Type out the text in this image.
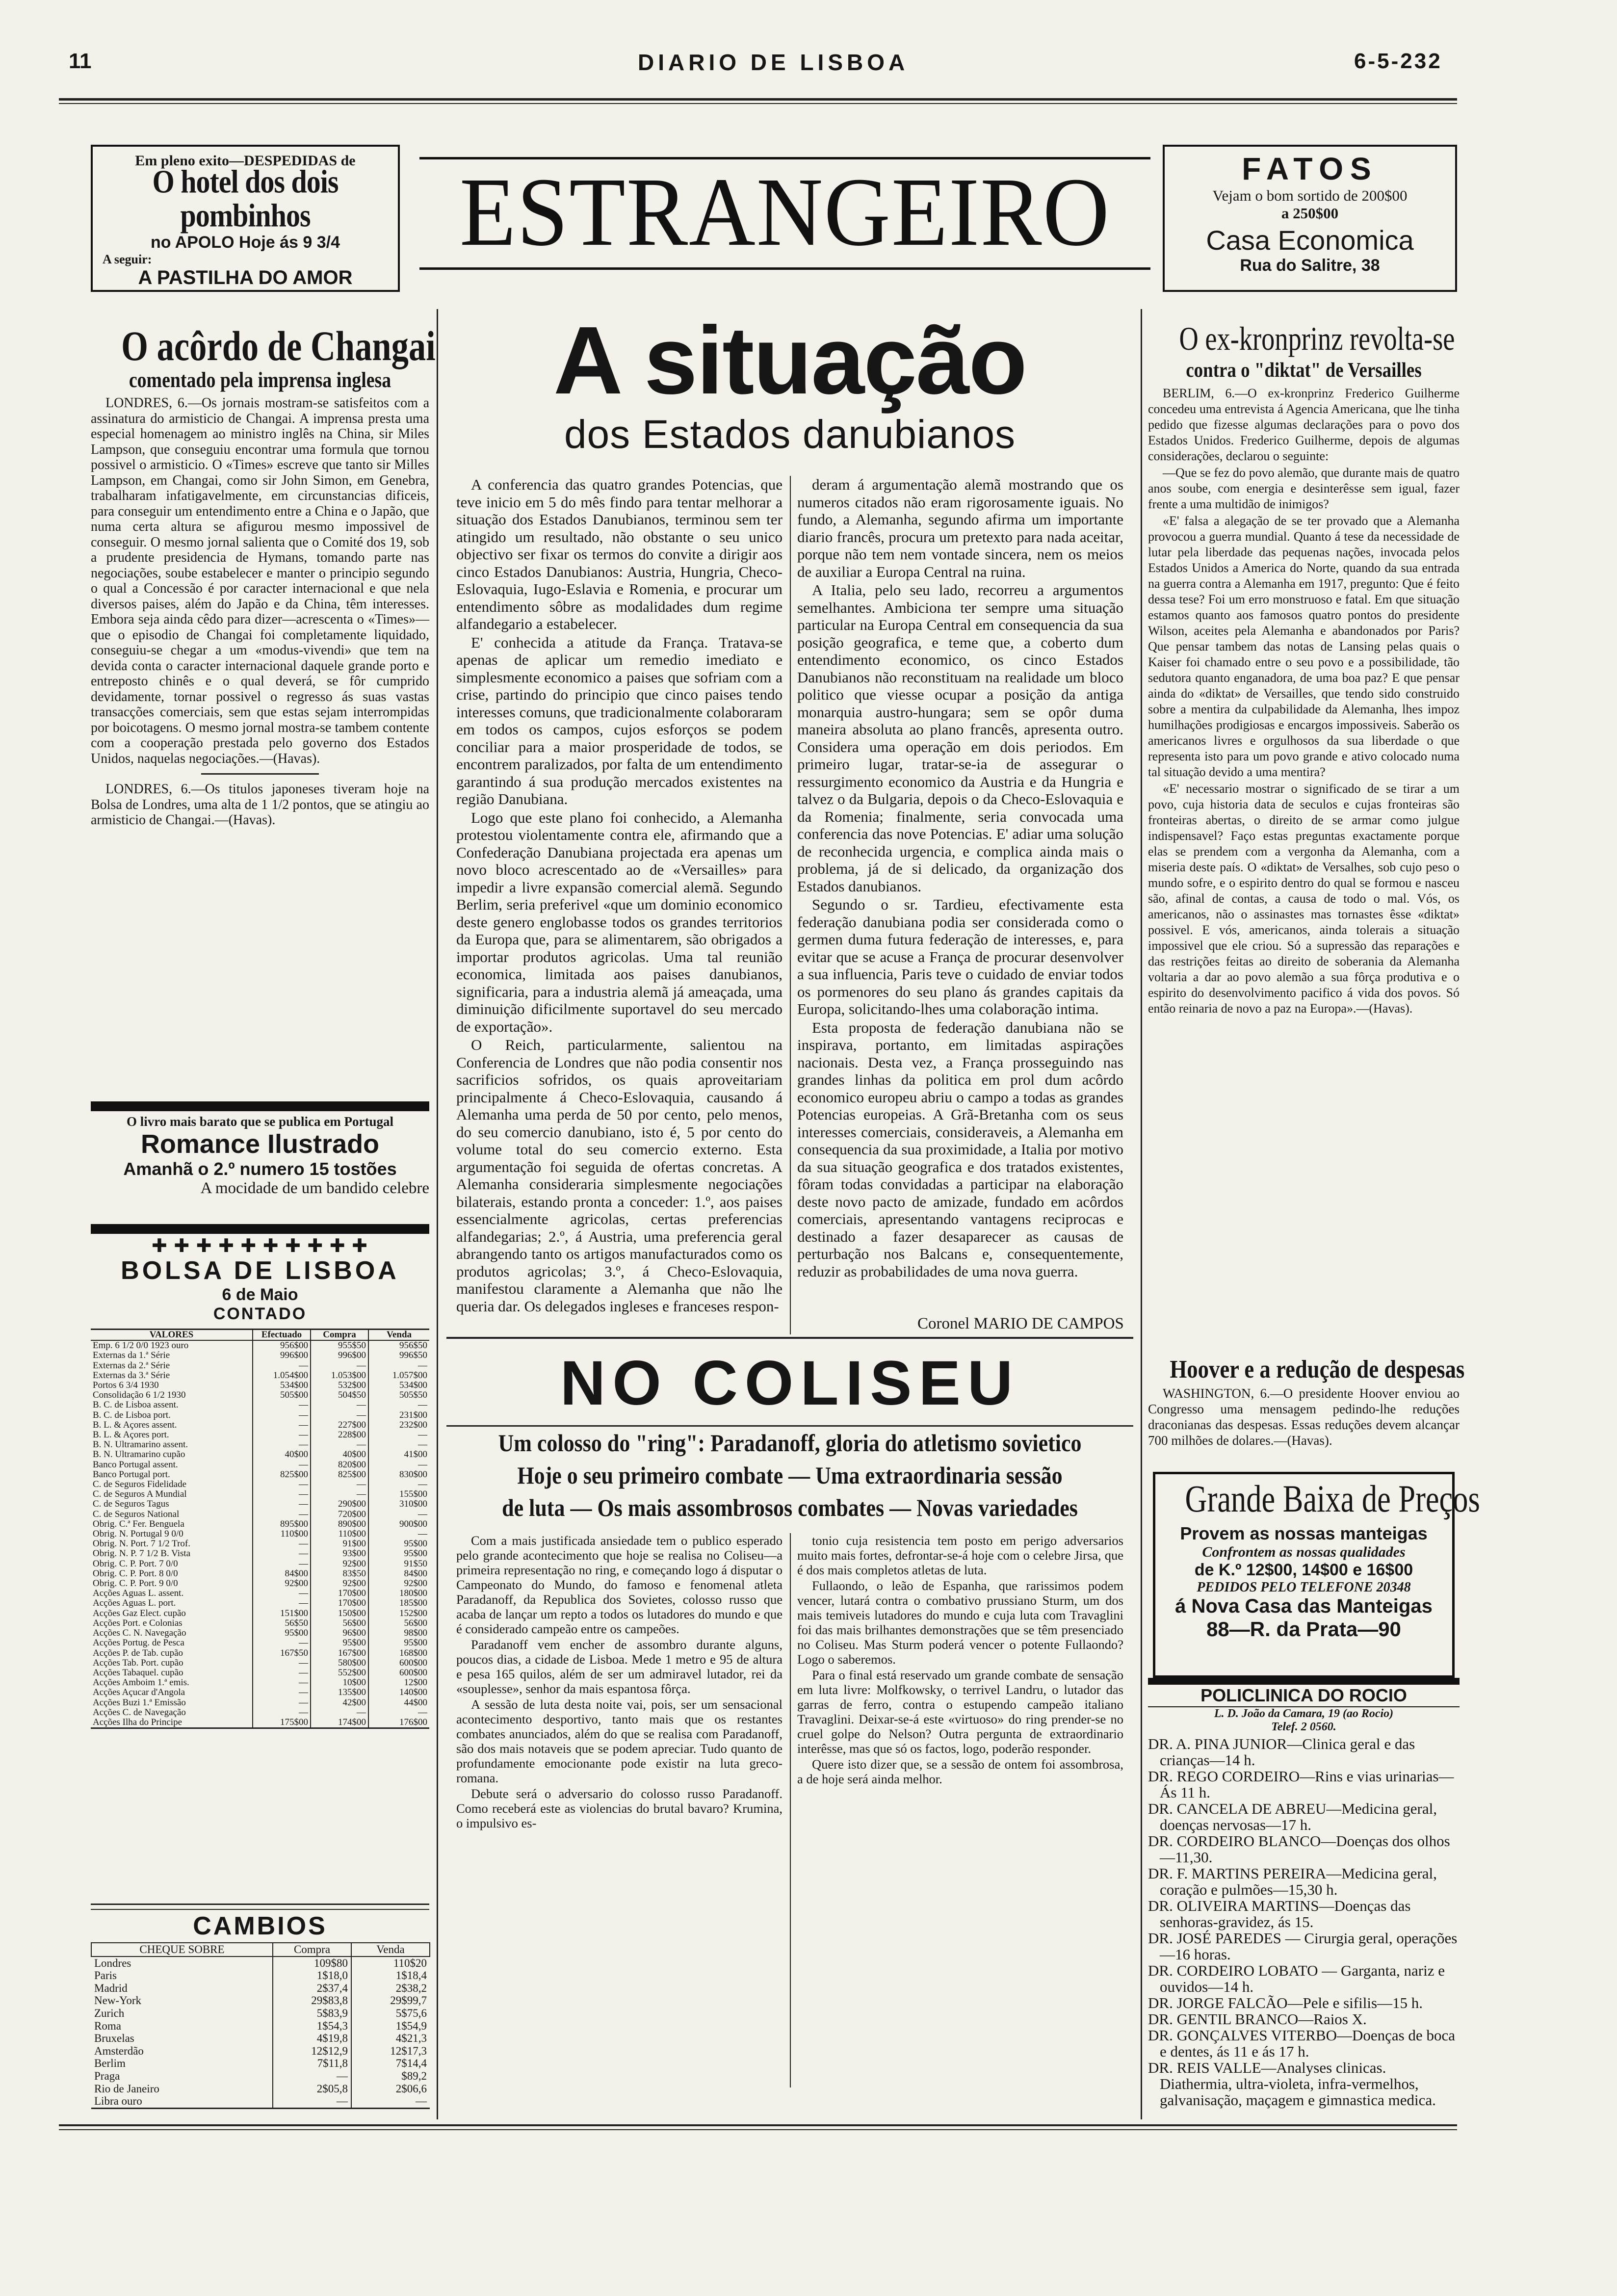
11	DIARIO DE LISBOA	6-5-232
Em pleno exito—DESPEDIDAS de
O hotel dos dois pombinhos
no APOLO Hoje ás 9 3/4
A seguir:
A PASTILHA DO AMOR
ESTRANGEIRO	FATOS
Vejam o bom sortido de 200$00
a 250$00
Casa Economica
Rua do Salitre, 38
O acôrdo de Changai
comentado pela imprensa inglesa

LONDRES, 6.—Os jornais mostram-se satisfeitos com a assinatura do armisticio de Changai. A imprensa presta uma especial homenagem ao ministro inglês na China, sir Miles Lampson, que conseguiu encontrar uma formula que tornou possivel o armisticio. O «Times» escreve que tanto sir Milles Lampson, em Changai, como sir John Simon, em Genebra, trabalharam infatigavelmente, em circunstancias dificeis, para conseguir um entendimento entre a China e o Japão, que numa certa altura se afigurou mesmo impossivel de conseguir. O mesmo jornal salienta que o Comité dos 19, sob a prudente presidencia de Hymans, tomando parte nas negociações, soube estabelecer e manter o principio segundo o qual a Concessão é por caracter internacional e que nela diversos paises, além do Japão e da China, têm interesses. Embora seja ainda cêdo para dizer—acrescenta o «Times»—que o episodio de Changai foi completamente liquidado, conseguiu-se chegar a um «modus-vivendi» que tem na devida conta o caracter internacional daquele grande porto e entreposto chinês e o qual deverá, se fôr cumprido devidamente, tornar possivel o regresso ás suas vastas transacções comerciais, sem que estas sejam interrompidas por boicotagens. O mesmo jornal mostra-se tambem contente com a cooperação prestada pelo governo dos Estados Unidos, naquelas negociações.—(Havas).

LONDRES, 6.—Os titulos japoneses tiveram hoje na Bolsa de Londres, uma alta de 1 1/2 pontos, que se atingiu ao armisticio de Changai.—(Havas).

O livro mais barato que se publica em Portugal
Romance Ilustrado
Amanhã o 2.º numero 15 tostões
A mocidade de um bandido celebre
✚ ✚ ✚ ✚ ✚ ✚ ✚ ✚ ✚ ✚
BOLSA DE LISBOA
6 de Maio
CONTADO
VALORES	Efectuado	Compra	Venda
Emp. 6 1/2 0/0 1923 ouro	956$00	955$50	956$50
Externas da 1.ª Série	996$00	996$00	996$50
Externas da 2.ª Série	—	—	—
Externas da 3.ª Série	1.054$00	1.053$00	1.057$00
Portos 6 3/4 1930	534$00	532$00	534$00
Consolidação 6 1/2 1930	505$00	504$50	505$50
B. C. de Lisboa assent.	—	—	—
B. C. de Lisboa port.	—	—	231$00
B. L. & Açores assent.	—	227$00	232$00
B. L. & Açores port.	—	228$00	—
B. N. Ultramarino assent.	—	—	—
B. N. Ultramarino cupão	40$00	40$00	41$00
Banco Portugal assent.	—	820$00	—
Banco Portugal port.	825$00	825$00	830$00
C. de Seguros Fidelidade	—	—	—
C. de Seguros A Mundial	—	—	155$00
C. de Seguros Tagus	—	290$00	310$00
C. de Seguros National	—	720$00	—
Obrig. C.ª Fer. Benguela	895$00	890$00	900$00
Obrig. N. Portugal 9 0/0	110$00	110$00	—
Obrig. N. Port. 7 1/2 Trof.	—	91$00	95$00
Obrig. N. P. 7 1/2 B. Vista	—	93$00	95$00
Obrig. C. P. Port. 7 0/0	—	92$00	91$50
Obrig. C. P. Port. 8 0/0	84$00	83$50	84$00
Obrig. C. P. Port. 9 0/0	92$00	92$00	92$00
Acções Aguas L. assent.	—	170$00	180$00
Acções Aguas L. port.	—	170$00	185$00
Acções Gaz Elect. cupão	151$00	150$00	152$00
Acções Port. e Colonias	56$50	56$00	56$00
Acções C. N. Navegação	95$00	96$00	98$00
Acções Portug. de Pesca	—	95$00	95$00
Acções P. de Tab. cupão	167$50	167$00	168$00
Acções Tab. Port. cupão	—	580$00	600$00
Acções Tabaquel. cupão	—	552$00	600$00
Acções Amboim 1.ª emis.	—	10$00	12$00
Acções Açucar d'Angola	—	135$00	140$00
Acções Buzi 1.ª Emissão	—	42$00	44$00
Acções C. de Navegação	—	—	—
Acções Ilha do Principe	175$00	174$00	176$00
CAMBIOS
CHEQUE SOBRE	Compra	Venda
Londres	109$80	110$20
Paris	1$18,0	1$18,4
Madrid	2$37,4	2$38,2
New-York	29$83,8	29$99,7
Zurich	5$83,9	5$75,6
Roma	1$54,3	1$54,9
Bruxelas	4$19,8	4$21,3
Amsterdão	12$12,9	12$17,3
Berlim	7$11,8	7$14,4
Praga	—	$89,2
Rio de Janeiro	2$05,8	2$06,6
Libra ouro	—	—
A situação
dos Estados danubianos

A conferencia das quatro grandes Potencias, que teve inicio em 5 do mês findo para tentar melhorar a situação dos Estados Danubianos, terminou sem ter atingido um resultado, não obstante o seu unico objectivo ser fixar os termos do convite a dirigir aos cinco Estados Danubianos: Austria, Hungria, Checo-Eslovaquia, Iugo-Eslavia e Romenia, e procurar um entendimento sôbre as modalidades dum regime alfandegario a estabelecer.

E' conhecida a atitude da França. Tratava-se apenas de aplicar um remedio imediato e simplesmente economico a paises que sofriam com a crise, partindo do principio que cinco paises tendo interesses comuns, que tradicionalmente colaboraram em todos os campos, cujos esforços se podem conciliar para a maior prosperidade de todos, se encontrem paralizados, por falta de um entendimento garantindo á sua produção mercados existentes na região Danubiana.

Logo que este plano foi conhecido, a Alemanha protestou violentamente contra ele, afirmando que a Confederação Danubiana projectada era apenas um novo bloco acrescentado ao de «Versailles» para impedir a livre expansão comercial alemã. Segundo Berlim, seria preferivel «que um dominio economico deste genero englobasse todos os grandes territorios da Europa que, para se alimentarem, são obrigados a importar produtos agricolas. Uma tal reunião economica, limitada aos paises danubianos, significaria, para a industria alemã já ameaçada, uma diminuição dificilmente suportavel do seu mercado de exportação».

O Reich, particularmente, salientou na Conferencia de Londres que não podia consentir nos sacrificios sofridos, os quais aproveitariam principalmente á Checo-Eslovaquia, causando á Alemanha uma perda de 50 por cento, pelo menos, do seu comercio danubiano, isto é, 5 por cento do volume total do seu comercio externo. Esta argumentação foi seguida de ofertas concretas. A Alemanha consideraria simplesmente negociações bilaterais, estando pronta a conceder: 1.º, aos paises essencialmente agricolas, certas preferencias alfandegarias; 2.º, á Austria, uma preferencia geral abrangendo tanto os artigos manufacturados como os produtos agricolas; 3.º, á Checo-Eslovaquia, manifestou claramente a Alemanha que não lhe queria dar. Os delegados ingleses e franceses respon-

deram á argumentação alemã mostrando que os numeros citados não eram rigorosamente iguais. No fundo, a Alemanha, segundo afirma um importante diario francês, procura um pretexto para nada aceitar, porque não tem nem vontade sincera, nem os meios de auxiliar a Europa Central na ruina.

A Italia, pelo seu lado, recorreu a argumentos semelhantes. Ambiciona ter sempre uma situação particular na Europa Central em consequencia da sua posição geografica, e teme que, a coberto dum entendimento economico, os cinco Estados Danubianos não reconstituam na realidade um bloco politico que viesse ocupar a posição da antiga monarquia austro-hungara; sem se opôr duma maneira absoluta ao plano francês, apresenta outro. Considera uma operação em dois periodos. Em primeiro lugar, tratar-se-ia de assegurar o ressurgimento economico da Austria e da Hungria e talvez o da Bulgaria, depois o da Checo-Eslovaquia e da Romenia; finalmente, seria convocada uma conferencia das nove Potencias. E' adiar uma solução de reconhecida urgencia, e complica ainda mais o problema, já de si delicado, da organização dos Estados danubianos.

Segundo o sr. Tardieu, efectivamente esta federação danubiana podia ser considerada como o germen duma futura federação de interesses, e, para evitar que se acuse a França de procurar desenvolver a sua influencia, Paris teve o cuidado de enviar todos os pormenores do seu plano ás grandes capitais da Europa, solicitando-lhes uma colaboração intima.

Esta proposta de federação danubiana não se inspirava, portanto, em limitadas aspirações nacionais. Desta vez, a França prosseguindo nas grandes linhas da politica em prol dum acôrdo economico europeu abriu o campo a todas as grandes Potencias europeias. A Grã-Bretanha com os seus interesses comerciais, consideraveis, a Alemanha em consequencia da sua proximidade, a Italia por motivo da sua situação geografica e dos tratados existentes, fôram todas convidadas a participar na elaboração deste novo pacto de amizade, fundado em acôrdos comerciais, apresentando vantagens reciprocas e destinado a fazer desaparecer as causas de perturbação nos Balcans e, consequentemente, reduzir as probabilidades de uma nova guerra.

Coronel MARIO DE CAMPOS
NO COLISEU
Um colosso do "ring": Paradanoff, gloria do atletismo sovietico
Hoje o seu primeiro combate — Uma extraordinaria sessão
de luta — Os mais assombrosos combates — Novas variedades

Com a mais justificada ansiedade tem o publico esperado pelo grande acontecimento que hoje se realisa no Coliseu—a primeira representação no ring, e começando logo á disputar o Campeonato do Mundo, do famoso e fenomenal atleta Paradanoff, da Republica dos Sovietes, colosso russo que acaba de lançar um repto a todos os lutadores do mundo e que é considerado campeão entre os campeões.

Paradanoff vem encher de assombro durante alguns, poucos dias, a cidade de Lisboa. Mede 1 metro e 95 de altura e pesa 165 quilos, além de ser um admiravel lutador, rei da «souplesse», senhor da mais espantosa fôrça.

A sessão de luta desta noite vai, pois, ser um sensacional acontecimento desportivo, tanto mais que os restantes combates anunciados, além do que se realisa com Paradanoff, são dos mais notaveis que se podem apreciar. Tudo quanto de profundamente emocionante pode existir na luta greco-romana.

Debute será o adversario do colosso russo Paradanoff. Como receberá este as violencias do brutal bavaro? Krumina, o impulsivo es-

tonio cuja resistencia tem posto em perigo adversarios muito mais fortes, defrontar-se-á hoje com o celebre Jirsa, que é dos mais completos atletas de luta.

Fullaondo, o leão de Espanha, que rarissimos podem vencer, lutará contra o combativo prussiano Sturm, um dos mais temiveis lutadores do mundo e cuja luta com Travaglini foi das mais brilhantes demonstrações que se têm presenciado no Coliseu. Mas Sturm poderá vencer o potente Fullaondo? Logo o saberemos.

Para o final está reservado um grande combate de sensação em luta livre: Molfkowsky, o terrivel Landru, o lutador das garras de ferro, contra o estupendo campeão italiano Travaglini. Deixar-se-á este «virtuoso» do ring prender-se no cruel golpe do Nelson? Outra pergunta de extraordinario interêsse, mas que só os factos, logo, poderão responder.

Quere isto dizer que, se a sessão de ontem foi assombrosa, a de hoje será ainda melhor.

O ex-kronprinz revolta-se
contra o "diktat" de Versailles

BERLIM, 6.—O ex-kronprinz Frederico Guilherme concedeu uma entrevista á Agencia Americana, que lhe tinha pedido que fizesse algumas declarações para o povo dos Estados Unidos. Frederico Guilherme, depois de algumas considerações, declarou o seguinte:

—Que se fez do povo alemão, que durante mais de quatro anos soube, com energia e desinterêsse sem igual, fazer frente a uma multidão de inimigos?

«E' falsa a alegação de se ter provado que a Alemanha provocou a guerra mundial. Quanto á tese da necessidade de lutar pela liberdade das pequenas nações, invocada pelos Estados Unidos a America do Norte, quando da sua entrada na guerra contra a Alemanha em 1917, pregunto: Que é feito dessa tese? Foi um erro monstruoso e fatal. Em que situação estamos quanto aos famosos quatro pontos do presidente Wilson, aceites pela Alemanha e abandonados por Paris? Que pensar tambem das notas de Lansing pelas quais o Kaiser foi chamado entre o seu povo e a possibilidade, tão sedutora quanto enganadora, de uma boa paz? E que pensar ainda do «diktat» de Versailles, que tendo sido construido sobre a mentira da culpabilidade da Alemanha, lhes impoz humilhações prodigiosas e encargos impossiveis. Saberão os americanos livres e orgulhosos da sua liberdade o que representa isto para um povo grande e ativo colocado numa tal situação devido a uma mentira?

«E' necessario mostrar o significado de se tirar a um povo, cuja historia data de seculos e cujas fronteiras são fronteiras abertas, o direito de se armar como julgue indispensavel? Faço estas preguntas exactamente porque elas se prendem com a vergonha da Alemanha, com a miseria deste país. O «diktat» de Versalhes, sob cujo peso o mundo sofre, e o espirito dentro do qual se formou e nasceu são, afinal de contas, a causa de todo o mal. Vós, os americanos, não o assinastes mas tornastes êsse «diktat» possivel. E vós, americanos, ainda tolerais a situação impossivel que ele criou. Só a supressão das reparações e das restrições feitas ao direito de soberania da Alemanha voltaria a dar ao povo alemão a sua fôrça produtiva e o espirito do desenvolvimento pacifico á vida dos povos. Só então reinaria de novo a paz na Europa».—(Havas).

Hoover e a redução de despesas

WASHINGTON, 6.—O presidente Hoover enviou ao Congresso uma mensagem pedindo-lhe reduções draconianas das despesas. Essas reduções devem alcançar 700 milhões de dolares.—(Havas).

Grande Baixa de Preços
Provem as nossas manteigas
Confrontem as nossas qualidades
de K.º 12$00, 14$00 e 16$00
PEDIDOS PELO TELEFONE 20348
á Nova Casa das Manteigas
88—R. da Prata—90
POLICLINICA DO ROCIO
L. D. João da Camara, 19 (ao Rocio)
Telef. 2 0560.
DR. A. PINA JUNIOR—Clinica geral e das crianças—14 h.
DR. REGO CORDEIRO—Rins e vias urinarias—Ás 11 h.
DR. CANCELA DE ABREU—Medicina geral, doenças nervosas—17 h.
DR. CORDEIRO BLANCO—Doenças dos olhos—11,30.
DR. F. MARTINS PEREIRA—Medicina geral, coração e pulmões—15,30 h.
DR. OLIVEIRA MARTINS—Doenças das senhoras-gravidez, ás 15.
DR. JOSÉ PAREDES — Cirurgia geral, operações—16 horas.
DR. CORDEIRO LOBATO — Garganta, nariz e ouvidos—14 h.
DR. JORGE FALCÃO—Pele e sifilis—15 h.
DR. GENTIL BRANCO—Raios X.
DR. GONÇALVES VITERBO—Doenças de boca e dentes, ás 11 e ás 17 h.
DR. REIS VALLE—Analyses clinicas. Diathermia, ultra-violeta, infra-vermelhos, galvanisação, maçagem e gimnastica medica.
